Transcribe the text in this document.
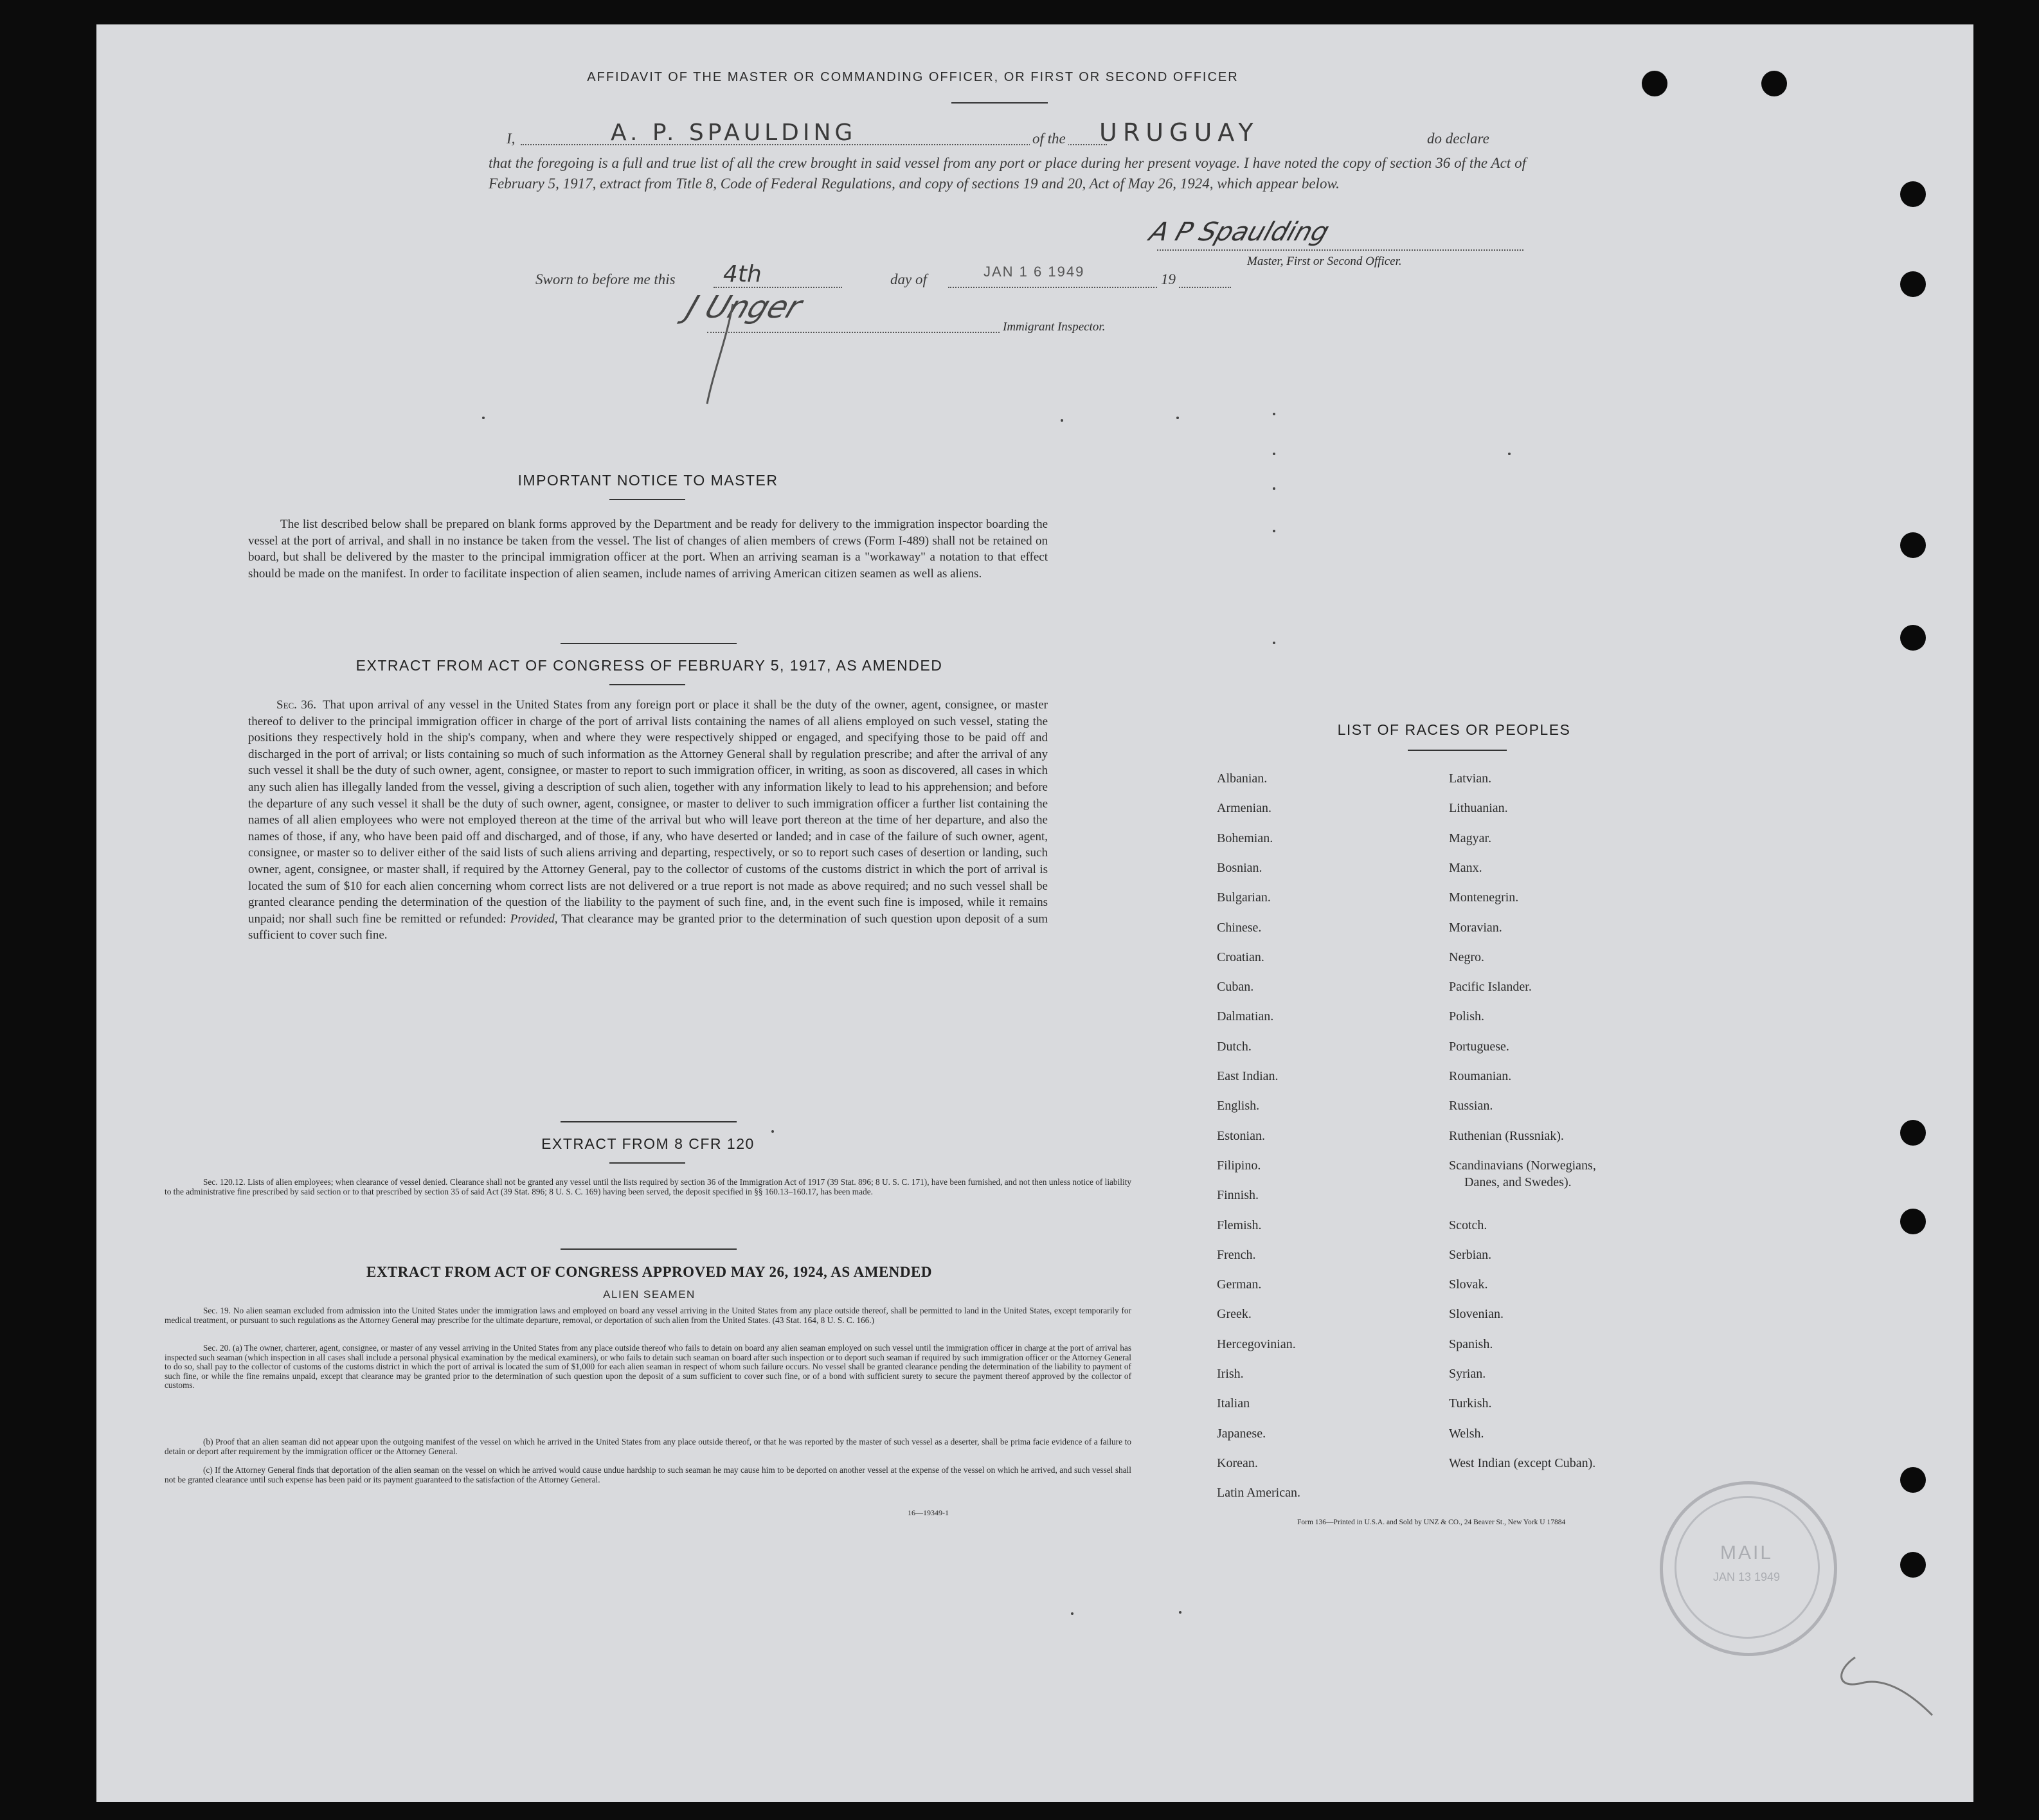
AFFIDAVIT OF THE MASTER OR COMMANDING OFFICER, OR FIRST OR SECOND OFFICER
I,	A. P. SPAULDING	of the URUGUAY	do declare
that the foregoing is a full and true list of all the crew brought in said vessel from any port or place during her present voyage. I have noted the copy of section 36 of the Act of February 5, 1917, extract from Title 8, Code of Federal Regulations, and copy of sections 19 and 20, Act of May 26, 1924, which appear below.
A P Spaulding
Master, First or Second Officer.
Sworn to before me this 4th	day of	JAN 1 6 1949	19
J Unger
Immigrant Inspector.
IMPORTANT NOTICE TO MASTER
The list described below shall be prepared on blank forms approved by the Department and be ready for delivery to the immigration inspector boarding the vessel at the port of arrival, and shall in no instance be taken from the vessel. The list of changes of alien members of crews (Form I-489) shall not be retained on board, but shall be delivered by the master to the principal immigration officer at the port. When an arriving seaman is a "workaway" a notation to that effect should be made on the manifest. In order to facilitate inspection of alien seamen, include names of arriving American citizen seamen as well as aliens.
EXTRACT FROM ACT OF CONGRESS OF FEBRUARY 5, 1917, AS AMENDED
Sec. 36. That upon arrival of any vessel in the United States from any foreign port or place it shall be the duty of the owner, agent, consignee, or master thereof to deliver to the principal immigration officer in charge of the port of arrival lists containing the names of all aliens employed on such vessel, stating the positions they respectively hold in the ship's company, when and where they were respectively shipped or engaged, and specifying those to be paid off and discharged in the port of arrival; or lists containing so much of such information as the Attorney General shall by regulation prescribe; and after the arrival of any such vessel it shall be the duty of such owner, agent, consignee, or master to report to such immigration officer, in writing, as soon as discovered, all cases in which any such alien has illegally landed from the vessel, giving a description of such alien, together with any information likely to lead to his apprehension; and before the departure of any such vessel it shall be the duty of such owner, agent, consignee, or master to deliver to such immigration officer a further list containing the names of all alien employees who were not employed thereon at the time of the arrival but who will leave port thereon at the time of her departure, and also the names of those, if any, who have been paid off and discharged, and of those, if any, who have deserted or landed; and in case of the failure of such owner, agent, consignee, or master so to deliver either of the said lists of such aliens arriving and departing, respectively, or so to report such cases of desertion or landing, such owner, agent, consignee, or master shall, if required by the Attorney General, pay to the collector of customs of the customs district in which the port of arrival is located the sum of $10 for each alien concerning whom correct lists are not delivered or a true report is not made as above required; and no such vessel shall be granted clearance pending the determination of the question of the liability to the payment of such fine, and, in the event such fine is imposed, while it remains unpaid; nor shall such fine be remitted or refunded: Provided, That clearance may be granted prior to the determination of such question upon deposit of a sum sufficient to cover such fine.
EXTRACT FROM 8 CFR 120
Sec. 120.12. Lists of alien employees; when clearance of vessel denied. Clearance shall not be granted any vessel until the lists required by section 36 of the Immigration Act of 1917 (39 Stat. 896; 8 U. S. C. 171), have been furnished, and not then unless notice of liability to the administrative fine prescribed by said section or to that prescribed by section 35 of said Act (39 Stat. 896; 8 U. S. C. 169) having been served, the deposit specified in §§ 160.13–160.17, has been made.
EXTRACT FROM ACT OF CONGRESS APPROVED MAY 26, 1924, AS AMENDED
ALIEN SEAMEN
Sec. 19. No alien seaman excluded from admission into the United States under the immigration laws and employed on board any vessel arriving in the United States from any place outside thereof, shall be permitted to land in the United States, except temporarily for medical treatment, or pursuant to such regulations as the Attorney General may prescribe for the ultimate departure, removal, or deportation of such alien from the United States. (43 Stat. 164, 8 U. S. C. 166.)
Sec. 20. (a) The owner, charterer, agent, consignee, or master of any vessel arriving in the United States from any place outside thereof who fails to detain on board any alien seaman employed on such vessel until the immigration officer in charge at the port of arrival has inspected such seaman (which inspection in all cases shall include a personal physical examination by the medical examiners), or who fails to detain such seaman on board after such inspection or to deport such seaman if required by such immigration officer or the Attorney General to do so, shall pay to the collector of customs of the customs district in which the port of arrival is located the sum of $1,000 for each alien seaman in respect of whom such failure occurs. No vessel shall be granted clearance pending the determination of the liability to payment of such fine, or while the fine remains unpaid, except that clearance may be granted prior to the determination of such question upon the deposit of a sum sufficient to cover such fine, or of a bond with sufficient surety to secure the payment thereof approved by the collector of customs.
(b) Proof that an alien seaman did not appear upon the outgoing manifest of the vessel on which he arrived in the United States from any place outside thereof, or that he was reported by the master of such vessel as a deserter, shall be prima facie evidence of a failure to detain or deport after requirement by the immigration officer or the Attorney General.
(c) If the Attorney General finds that deportation of the alien seaman on the vessel on which he arrived would cause undue hardship to such seaman he may cause him to be deported on another vessel at the expense of the vessel on which he arrived, and such vessel shall not be granted clearance until such expense has been paid or its payment guaranteed to the satisfaction of the Attorney General.
16—19349-1
LIST OF RACES OR PEOPLES
Albanian.
Armenian.
Bohemian.
Bosnian.
Bulgarian.
Chinese.
Croatian.
Cuban.
Dalmatian.
Dutch.
East Indian.
English.
Estonian.
Filipino.
Finnish.
Flemish.
French.
German.
Greek.
Hercegovinian.
Irish.
Italian
Japanese.
Korean.
Latin American.
Latvian.
Lithuanian.
Magyar.
Manx.
Montenegrin.
Moravian.
Negro.
Pacific Islander.
Polish.
Portuguese.
Roumanian.
Russian.
Ruthenian (Russniak).
Scandinavians (Norwegians,
Danes, and Swedes).
Scotch.
Serbian.
Slovak.
Slovenian.
Spanish.
Syrian.
Turkish.
Welsh.
West Indian (except Cuban).
Form 136—Printed in U.S.A. and Sold by UNZ & CO., 24 Beaver St., New York U 17884
MAIL
JAN 13 1949
